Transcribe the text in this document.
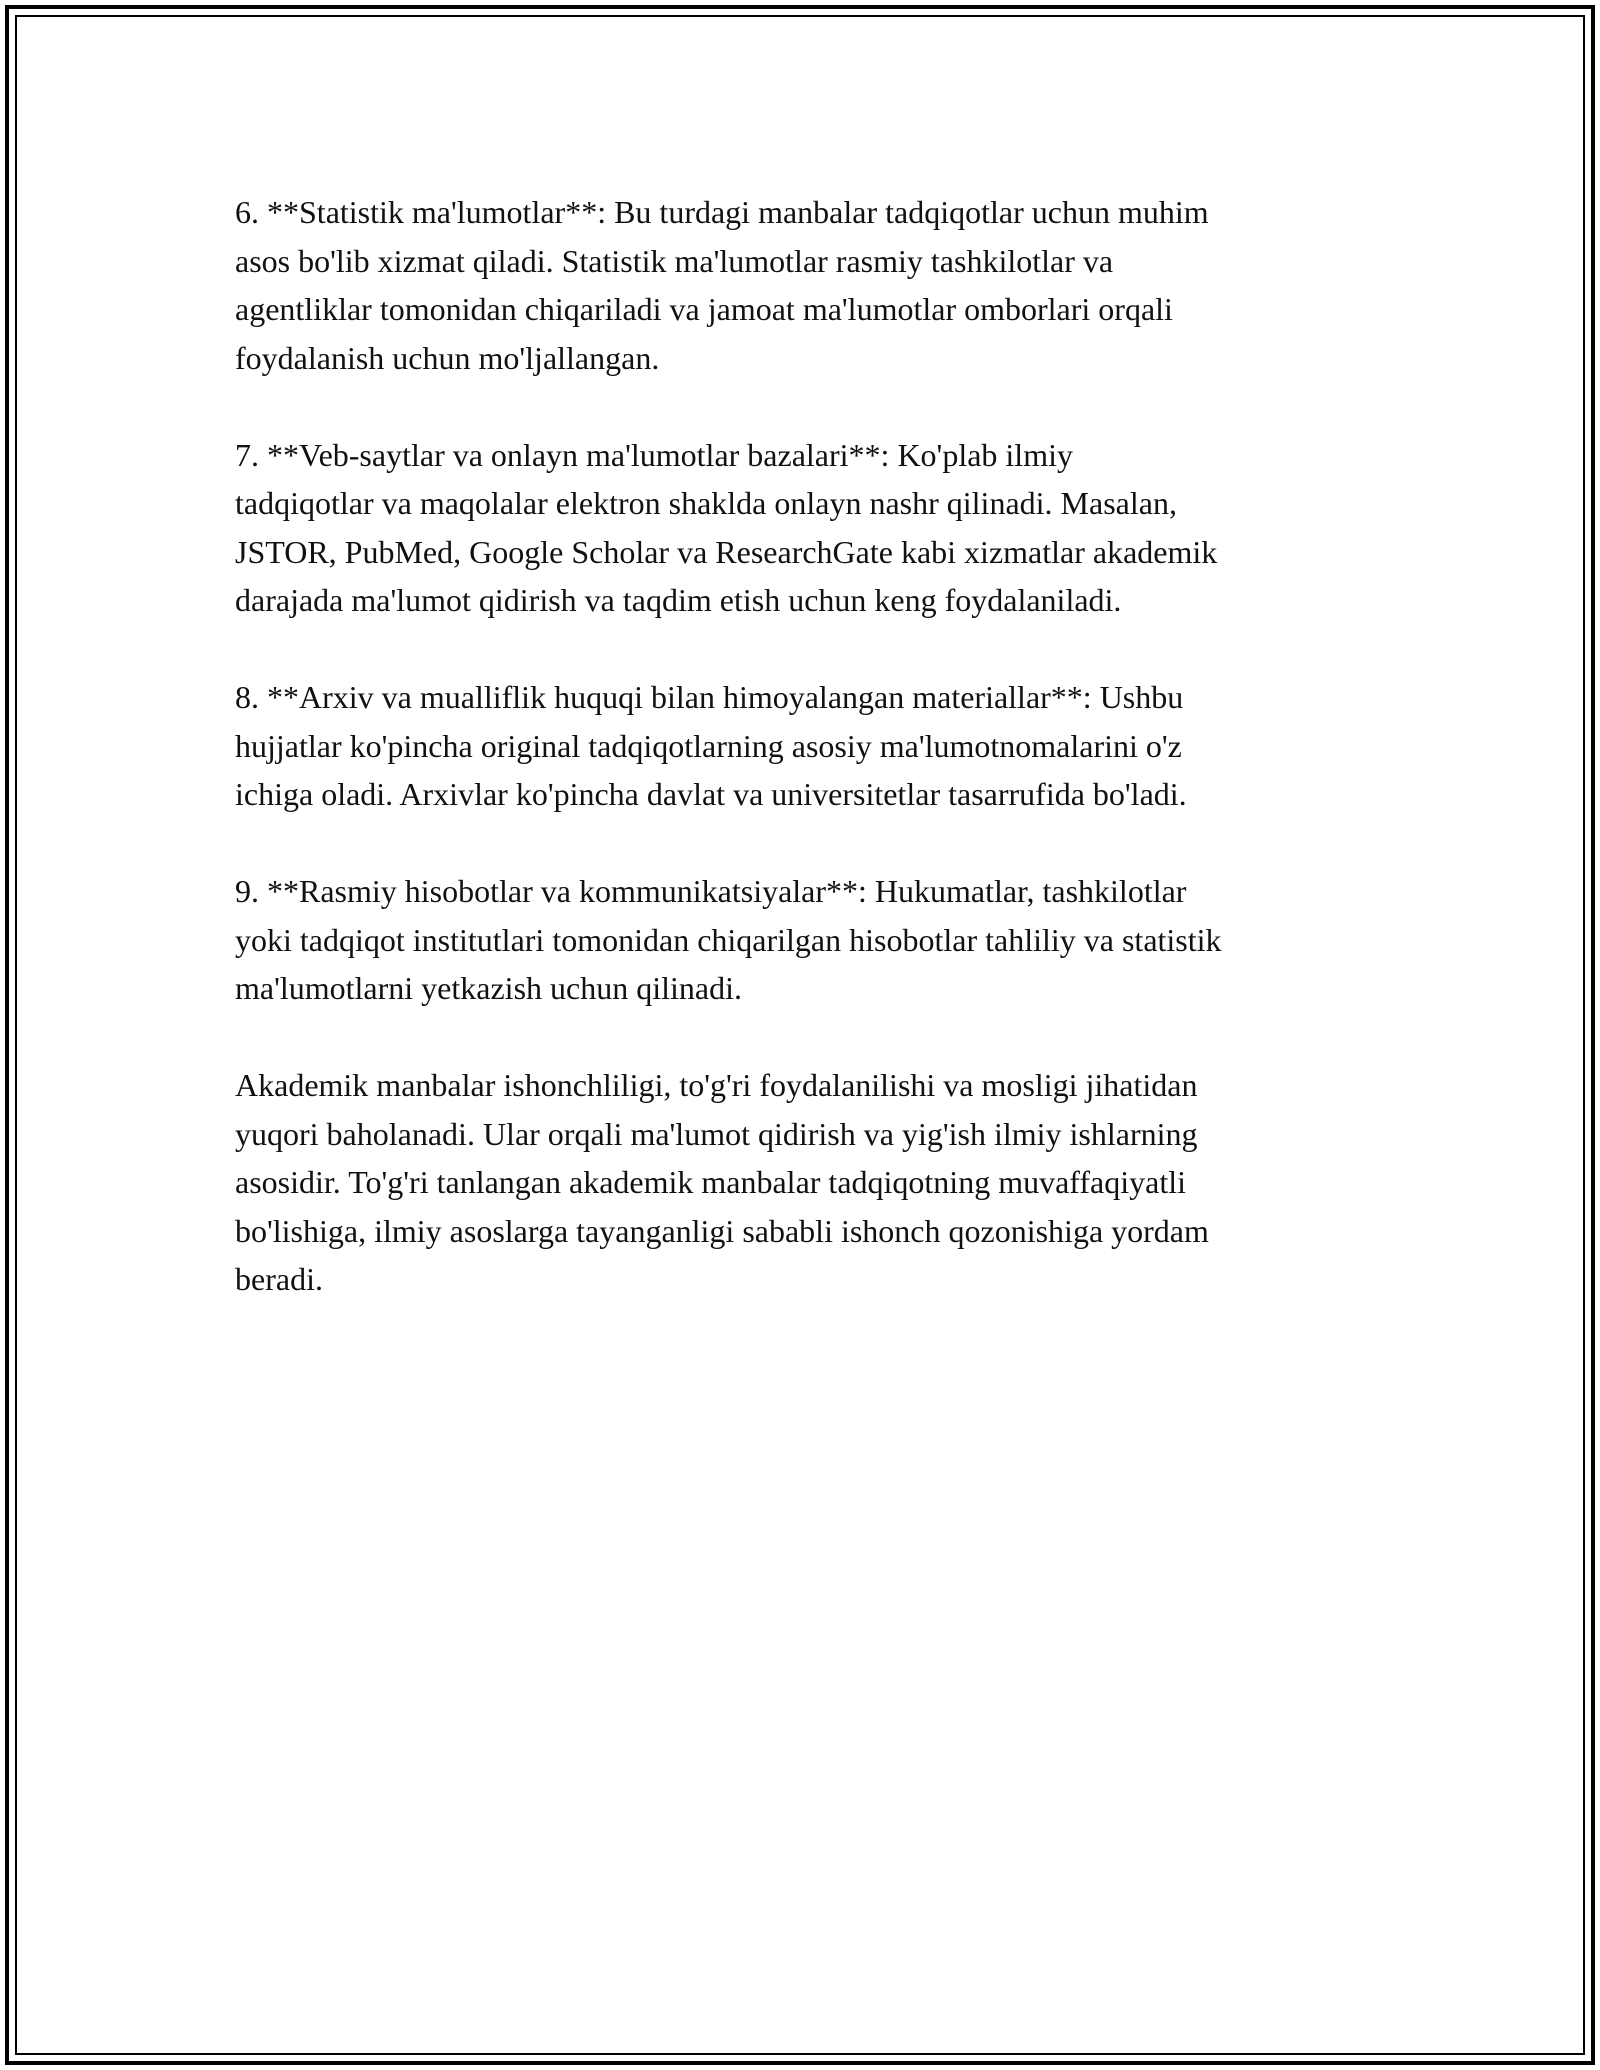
6. **Statistik ma'lumotlar**: Bu turdagi manbalar tadqiqotlar uchun muhim
asos bo'lib xizmat qiladi. Statistik ma'lumotlar rasmiy tashkilotlar va
agentliklar tomonidan chiqariladi va jamoat ma'lumotlar omborlari orqali
foydalanish uchun mo'ljallangan.

7. **Veb-saytlar va onlayn ma'lumotlar bazalari**: Ko'plab ilmiy
tadqiqotlar va maqolalar elektron shaklda onlayn nashr qilinadi. Masalan,
JSTOR, PubMed, Google Scholar va ResearchGate kabi xizmatlar akademik
darajada ma'lumot qidirish va taqdim etish uchun keng foydalaniladi.

8. **Arxiv va mualliflik huquqi bilan himoyalangan materiallar**: Ushbu
hujjatlar ko'pincha original tadqiqotlarning asosiy ma'lumotnomalarini o'z
ichiga oladi. Arxivlar ko'pincha davlat va universitetlar tasarrufida bo'ladi.

9. **Rasmiy hisobotlar va kommunikatsiyalar**: Hukumatlar, tashkilotlar
yoki tadqiqot institutlari tomonidan chiqarilgan hisobotlar tahliliy va statistik
ma'lumotlarni yetkazish uchun qilinadi.

Akademik manbalar ishonchliligi, to'g'ri foydalanilishi va mosligi jihatidan
yuqori baholanadi. Ular orqali ma'lumot qidirish va yig'ish ilmiy ishlarning
asosidir. To'g'ri tanlangan akademik manbalar tadqiqotning muvaffaqiyatli
bo'lishiga, ilmiy asoslarga tayanganligi sababli ishonch qozonishiga yordam
beradi.
